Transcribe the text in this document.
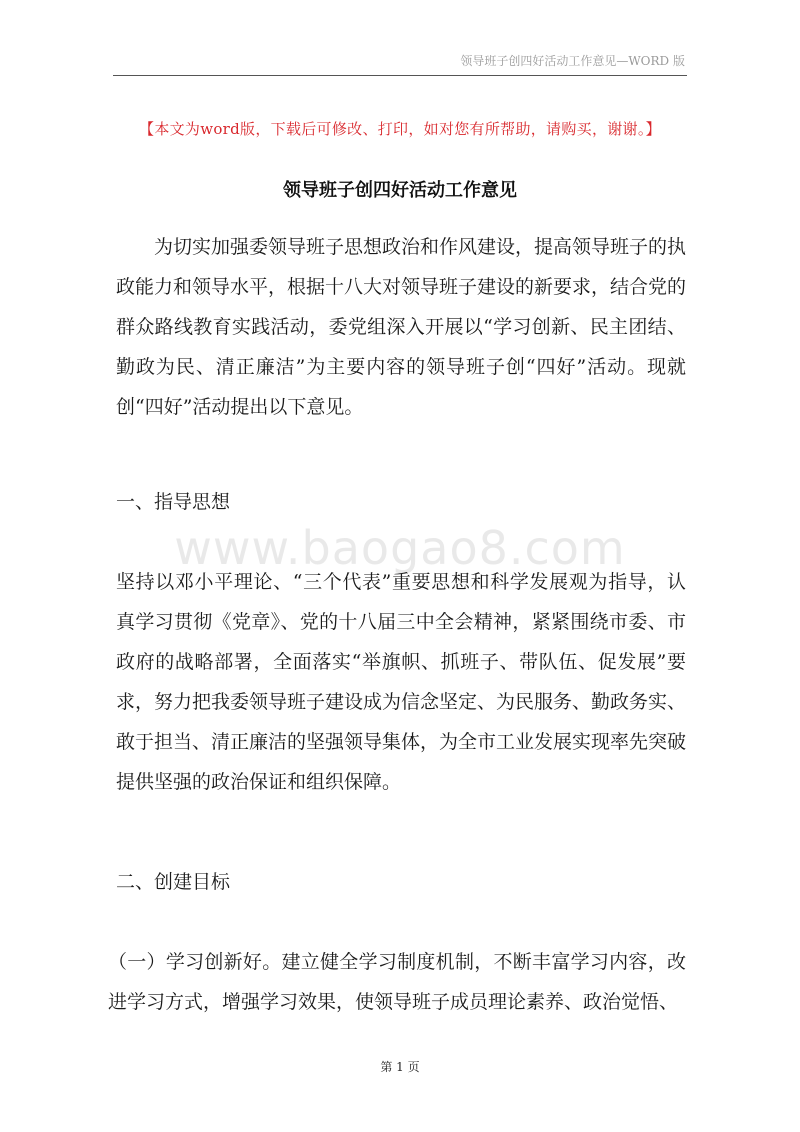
领导班子创四好活动工作意见—WORD 版
【本文为word版，下载后可修改、打印，如对您有所帮助，请购买，谢谢。】
领导班子创四好活动工作意见

为切实加强委领导班子思想政治和作风建设，提高领导班子的执政能力和领导水平，根据十八大对领导班子建设的新要求，结合党的群众路线教育实践活动，委党组深入开展以“学习创新、民主团结、勤政为民、清正廉洁”为主要内容的领导班子创“四好”活动。现就创“四好”活动提出以下意见。

一、指导思想

www.baogao8.com

坚持以邓小平理论、“三个代表”重要思想和科学发展观为指导，认真学习贯彻《党章》、党的十八届三中全会精神，紧紧围绕市委、市政府的战略部署，全面落实“举旗帜、抓班子、带队伍、促发展”要求，努力把我委领导班子建设成为信念坚定、为民服务、勤政务实、敢于担当、清正廉洁的坚强领导集体，为全市工业发展实现率先突破提供坚强的政治保证和组织保障。

二、创建目标

（一）学习创新好。建立健全学习制度机制，不断丰富学习内容，改进学习方式，增强学习效果，使领导班子成员理论素养、政治觉悟、

第 1 页
